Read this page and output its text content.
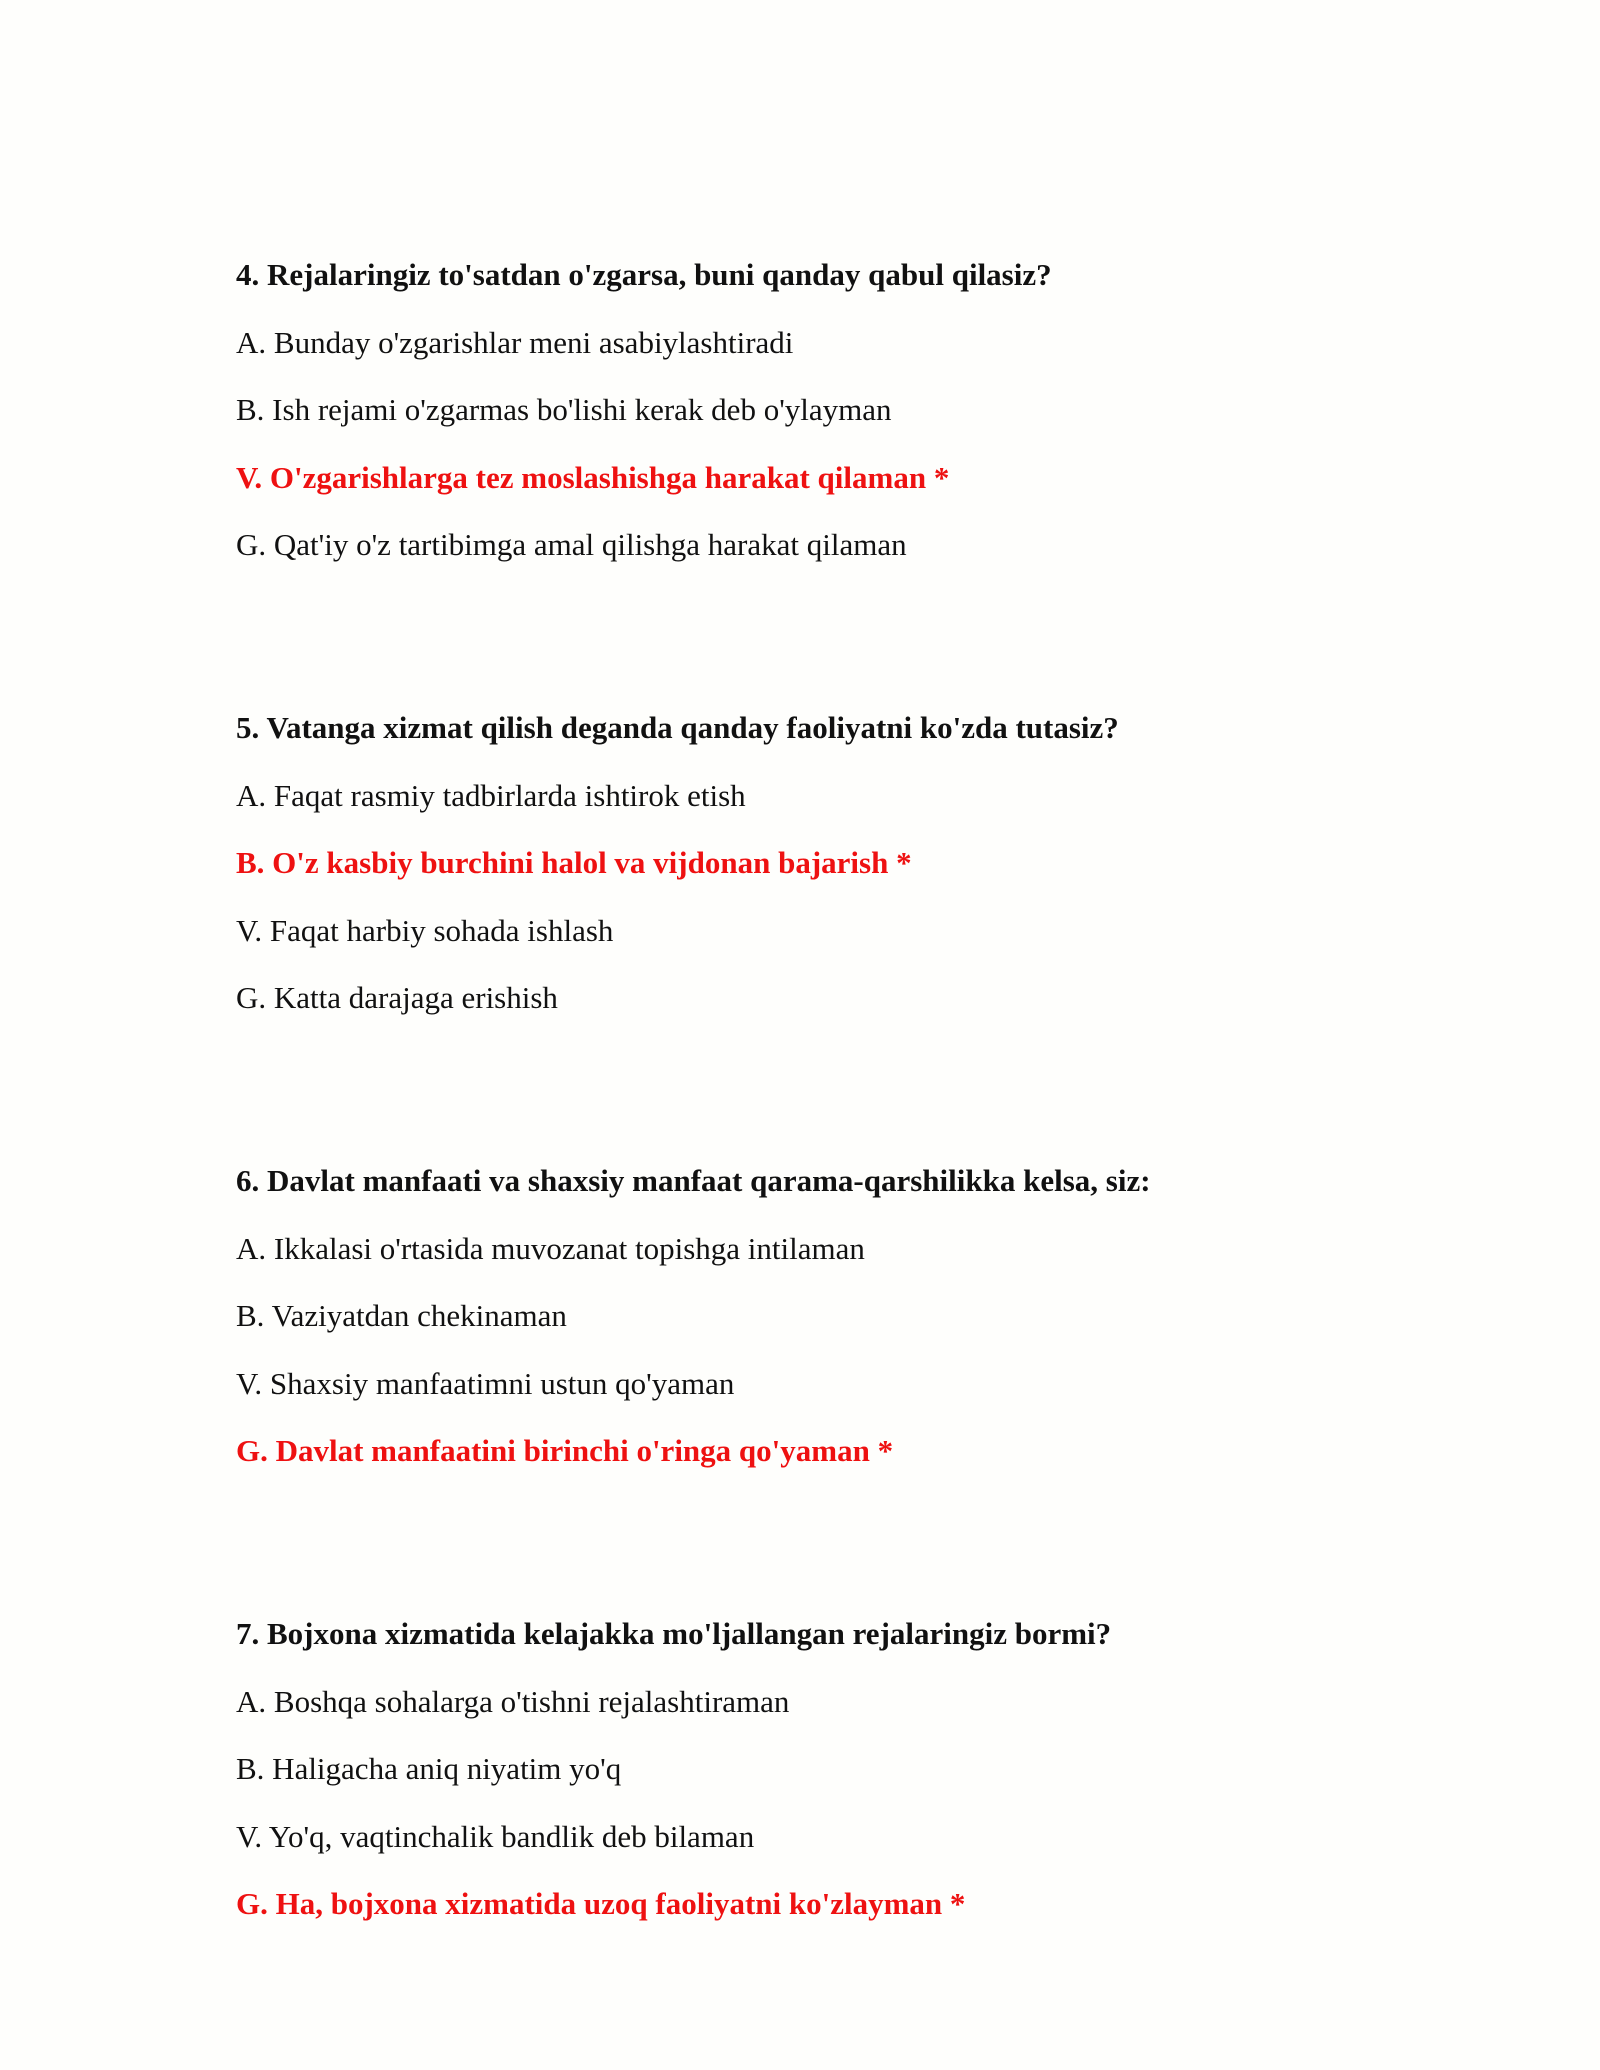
4. Rejalaringiz to'satdan o'zgarsa, buni qanday qabul qilasiz?

A. Bunday o'zgarishlar meni asabiylashtiradi
B. Ish rejami o'zgarmas bo'lishi kerak deb o'ylayman
V. O'zgarishlarga tez moslashishga harakat qilaman *
G. Qat'iy o'z tartibimga amal qilishga harakat qilaman

5. Vatanga xizmat qilish deganda qanday faoliyatni ko'zda tutasiz?

A. Faqat rasmiy tadbirlarda ishtirok etish
B. O'z kasbiy burchini halol va vijdonan bajarish *
V. Faqat harbiy sohada ishlash
G. Katta darajaga erishish

6. Davlat manfaati va shaxsiy manfaat qarama-qarshilikka kelsa, siz:

A. Ikkalasi o'rtasida muvozanat topishga intilaman
B. Vaziyatdan chekinaman
V. Shaxsiy manfaatimni ustun qo'yaman
G. Davlat manfaatini birinchi o'ringa qo'yaman *

7. Bojxona xizmatida kelajakka mo'ljallangan rejalaringiz bormi?

A. Boshqa sohalarga o'tishni rejalashtiraman
B. Haligacha aniq niyatim yo'q
V. Yo'q, vaqtinchalik bandlik deb bilaman
G. Ha, bojxona xizmatida uzoq faoliyatni ko'zlayman *
